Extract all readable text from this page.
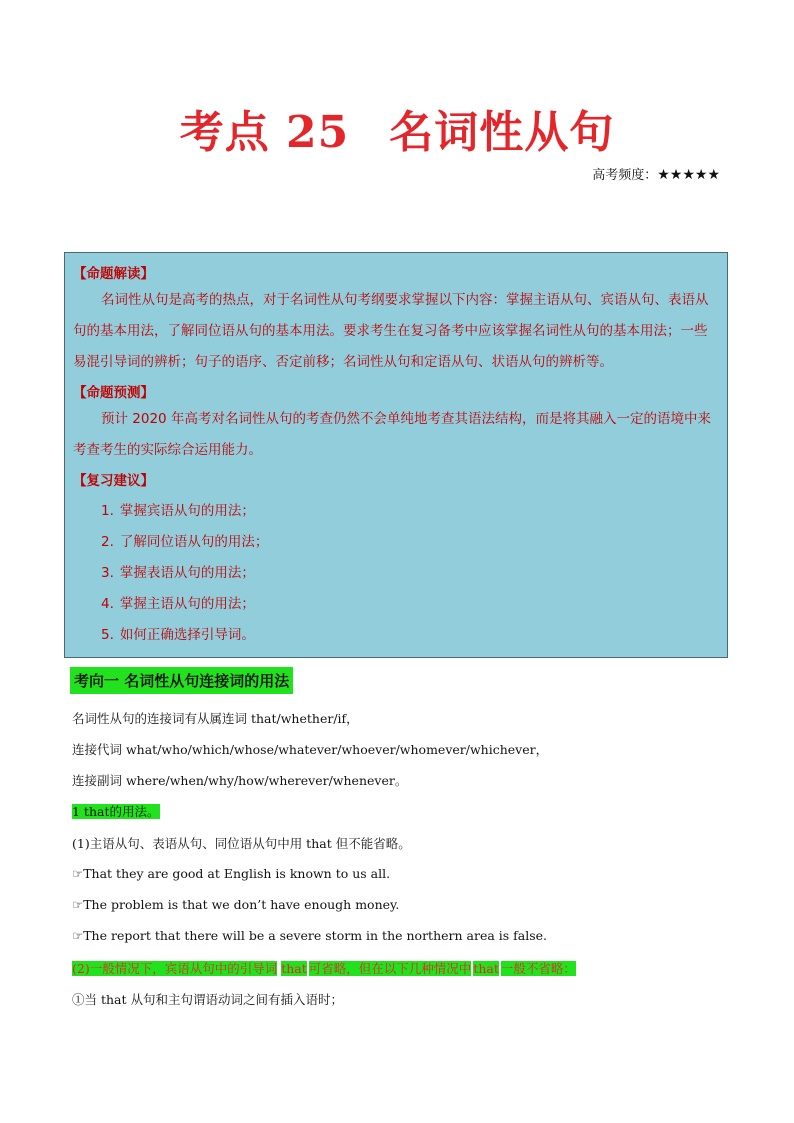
考点 25 名词性从句
高考频度：★★★★★
【命题解读】
名词性从句是高考的热点，对于名词性从句考纲要求掌握以下内容：掌握主语从句、宾语从句、表语从句的基本用法，了解同位语从句的基本用法。要求考生在复习备考中应该掌握名词性从句的基本用法；一些易混引导词的辨析；句子的语序、否定前移；名词性从句和定语从句、状语从句的辨析等。
【命题预测】
预计 2020 年高考对名词性从句的考查仍然不会单纯地考查其语法结构，而是将其融入一定的语境中来考查考生的实际综合运用能力。
【复习建议】
1. 掌握宾语从句的用法；
2. 了解同位语从句的用法；
3. 掌握表语从句的用法；
4. 掌握主语从句的用法；
5. 如何正确选择引导词。
考向一 名词性从句连接词的用法
名词性从句的连接词有从属连词 that/whether/if，
连接代词 what/who/which/whose/whatever/whoever/whomever/whichever，
连接副词 where/when/why/how/wherever/whenever。
1 that的用法。
(1)主语从句、表语从句、同位语从句中用 that 但不能省略。
☞That they are good at English is known to us all.
☞The problem is that we don’t have enough money.
☞The report that there will be a severe storm in the northern area is false.
(2)一般情况下，宾语从句中的引导词 that 可省略，但在以下几种情况中 that 一般不省略：
①当 that 从句和主句谓语动词之间有插入语时；
